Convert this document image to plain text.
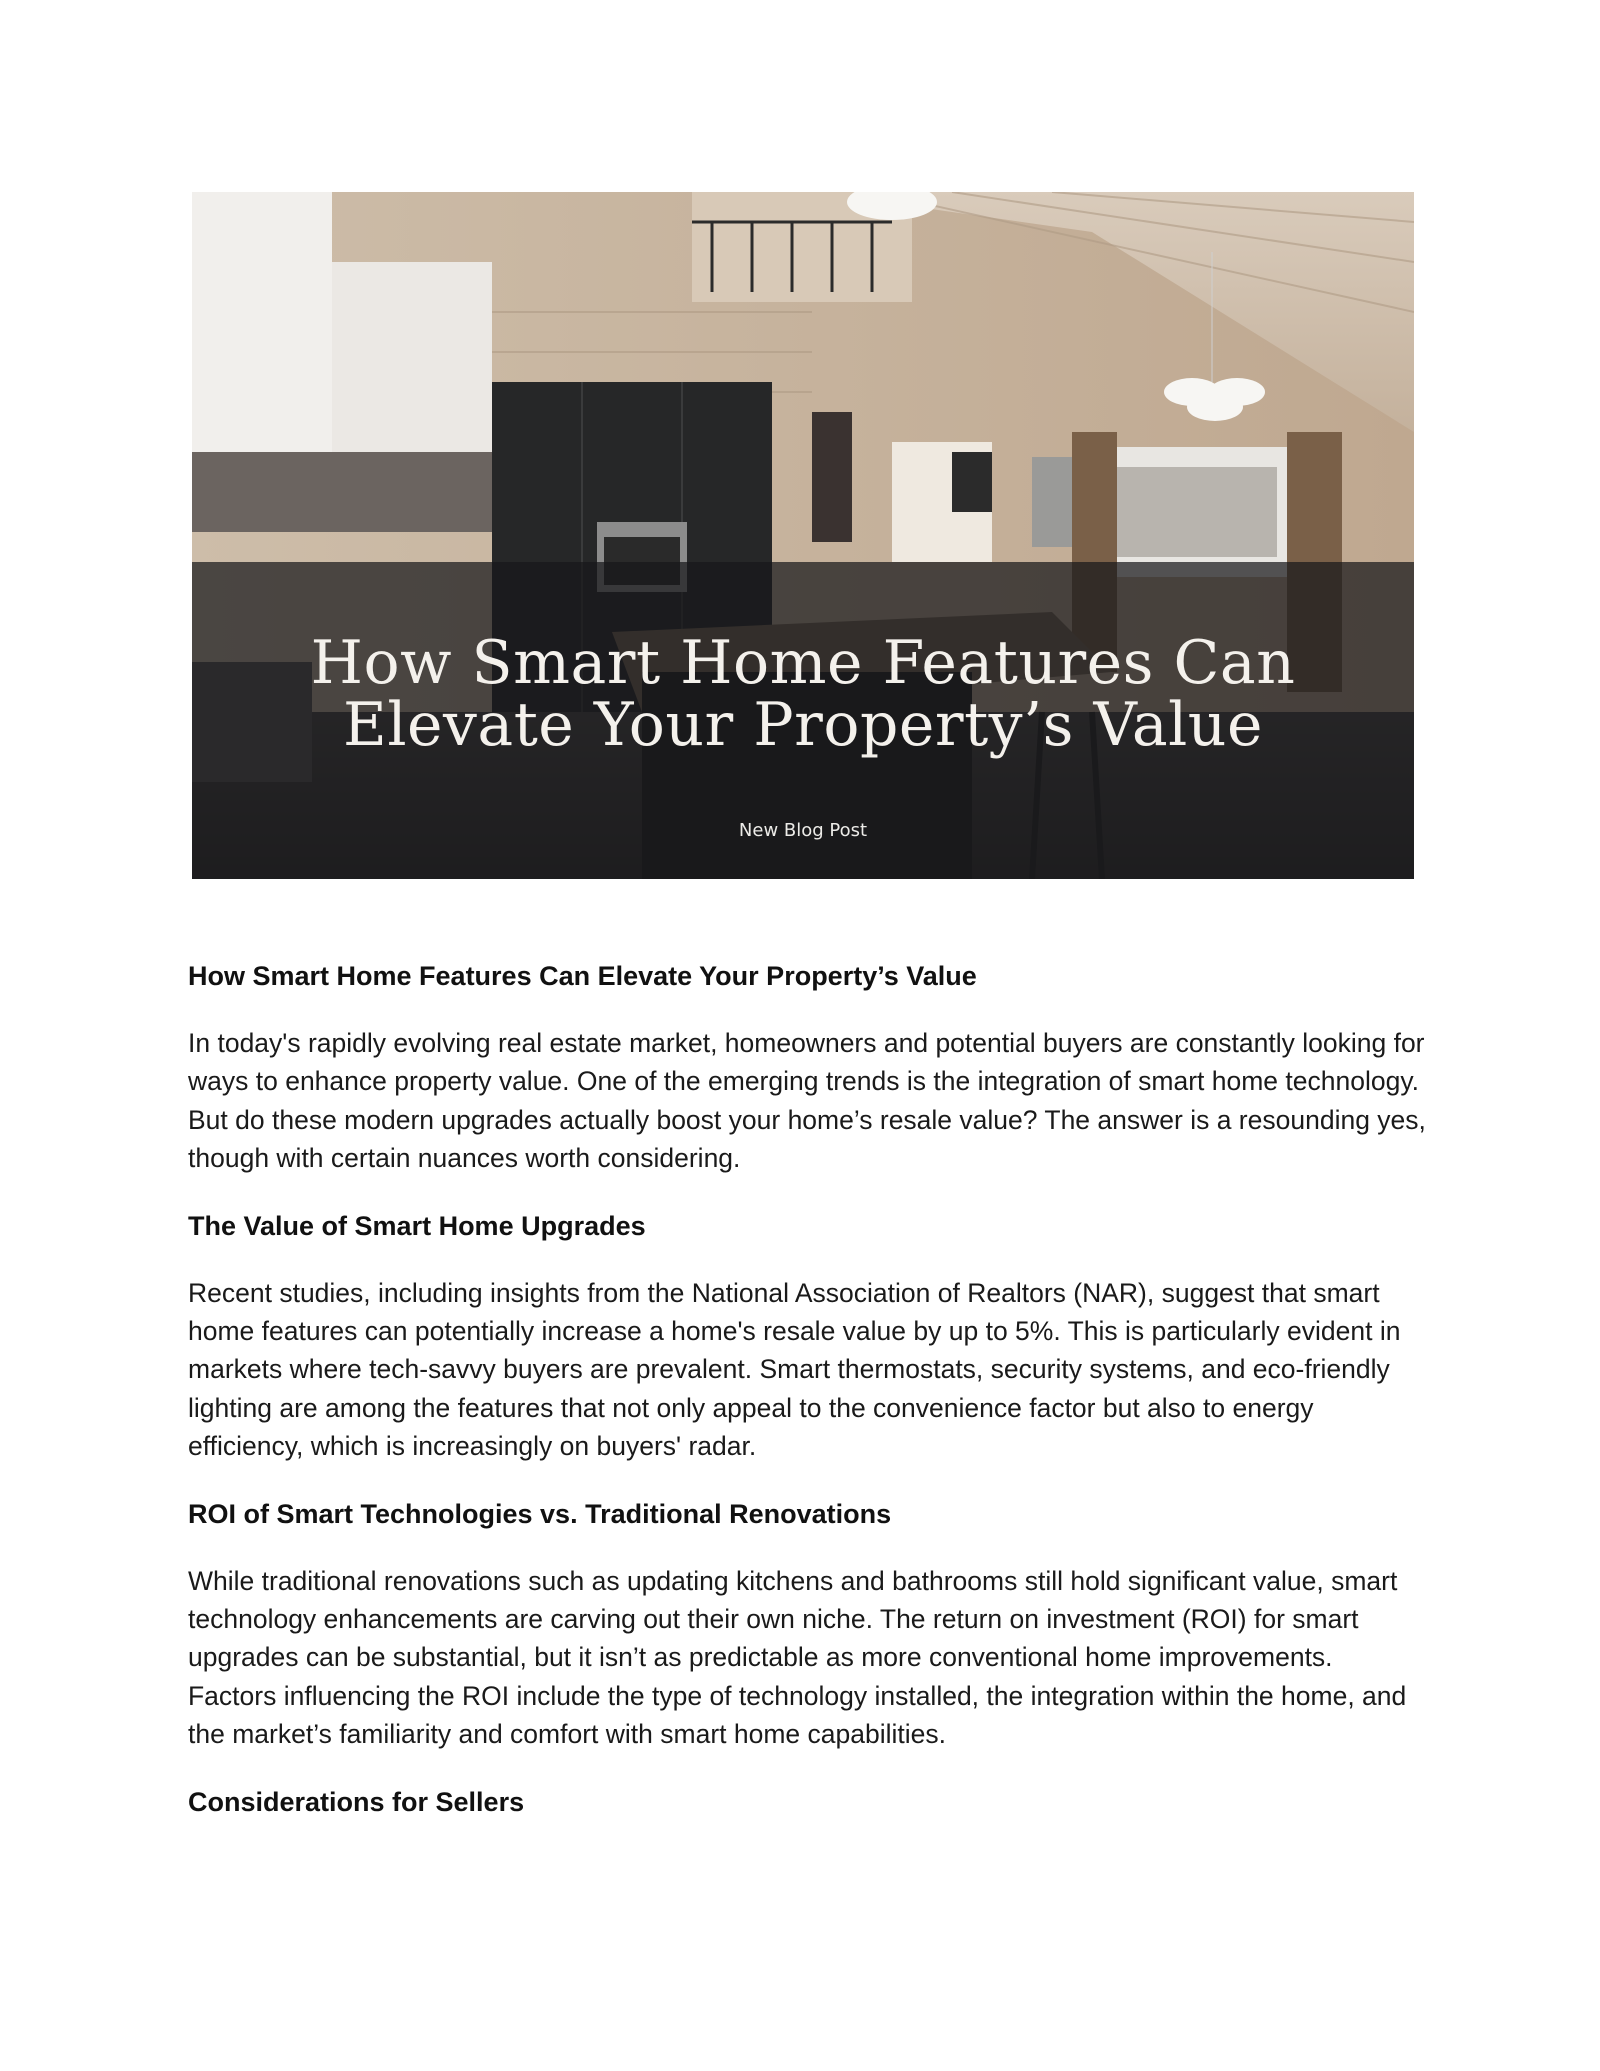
How Smart Home Features Can
Elevate Your Property’s Value
New Blog Post
How Smart Home Features Can Elevate Your Property’s Value

In today's rapidly evolving real estate market, homeowners and potential buyers are constantly looking for ways to enhance property value. One of the emerging trends is the integration of smart home technology. But do these modern upgrades actually boost your home’s resale value? The answer is a resounding yes, though with certain nuances worth considering.

The Value of Smart Home Upgrades

Recent studies, including insights from the National Association of Realtors (NAR), suggest that smart home features can potentially increase a home's resale value by up to 5%. This is particularly evident in markets where tech-savvy buyers are prevalent. Smart thermostats, security systems, and eco-friendly lighting are among the features that not only appeal to the convenience factor but also to energy efficiency, which is increasingly on buyers' radar.

ROI of Smart Technologies vs. Traditional Renovations

While traditional renovations such as updating kitchens and bathrooms still hold significant value, smart technology enhancements are carving out their own niche. The return on investment (ROI) for smart upgrades can be substantial, but it isn’t as predictable as more conventional home improvements. Factors influencing the ROI include the type of technology installed, the integration within the home, and the market’s familiarity and comfort with smart home capabilities.

Considerations for Sellers
